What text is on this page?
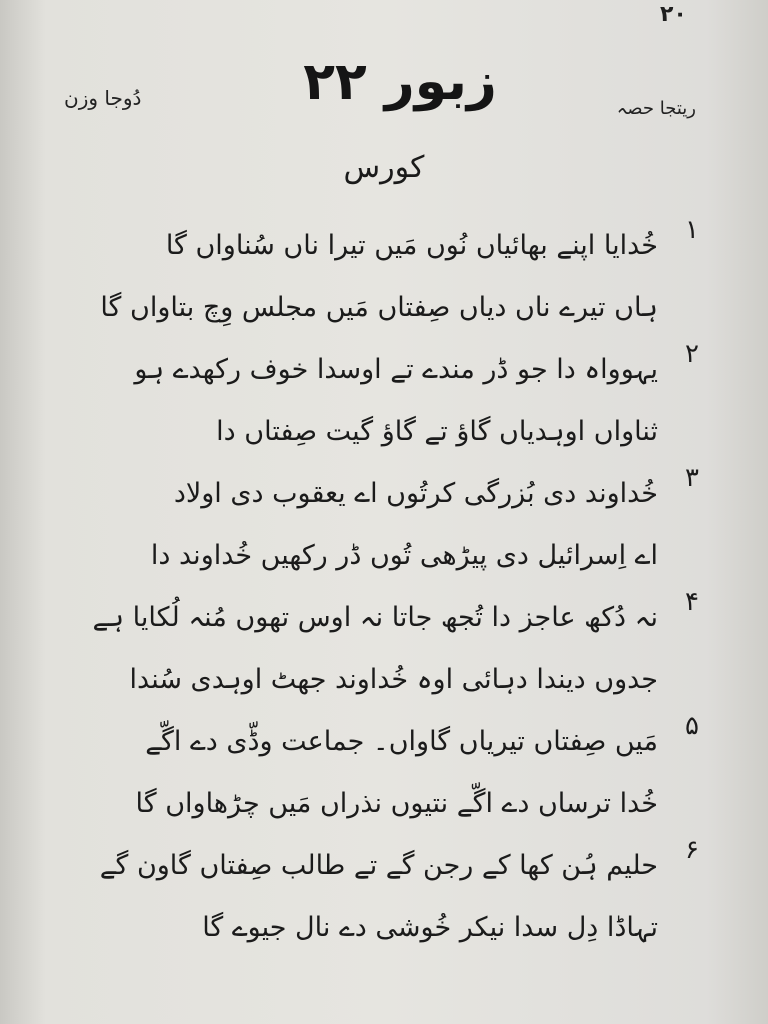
۲۰
زبور ۲۲	ریتجا حصہ
دُوجا وزن
کورس
۱
خُدایا اپنے بھائیاں نُوں مَیں تیرا ناں سُناواں گا
ہاں تیرے ناں دیاں صِفتاں مَیں مجلس وِچ بتاواں گا
۲
یہوواہ دا جو ڈر مندے تے اوسدا خوف رکھدے ہو
ثناواں اوہدیاں گاؤ تے گاؤ گیت صِفتاں دا
۳
خُداوند دی بُزرگی کرتُوں اے یعقوب دی اولاد
اے اِسرائیل دی پیڑھی تُوں ڈر رکھیں خُداوند دا
۴
نہ دُکھ عاجز دا تُجھ جاتا نہ اوس تھوں مُنہ لُکایا ہے
جدوں دیندا دہائی اوہ خُداوند جھٹ اوہدی سُندا
۵
مَیں صِفتاں تیریاں گاواں۔ جماعت وڈّی دے اگّے
خُدا ترساں دے اگّے نتیوں نذراں مَیں چڑھاواں گا
۶
حلیم ہُن کھا کے رجن گے تے طالب صِفتاں گاون گے
تہاڈا دِل سدا نیکر خُوشی دے نال جیوے گا
